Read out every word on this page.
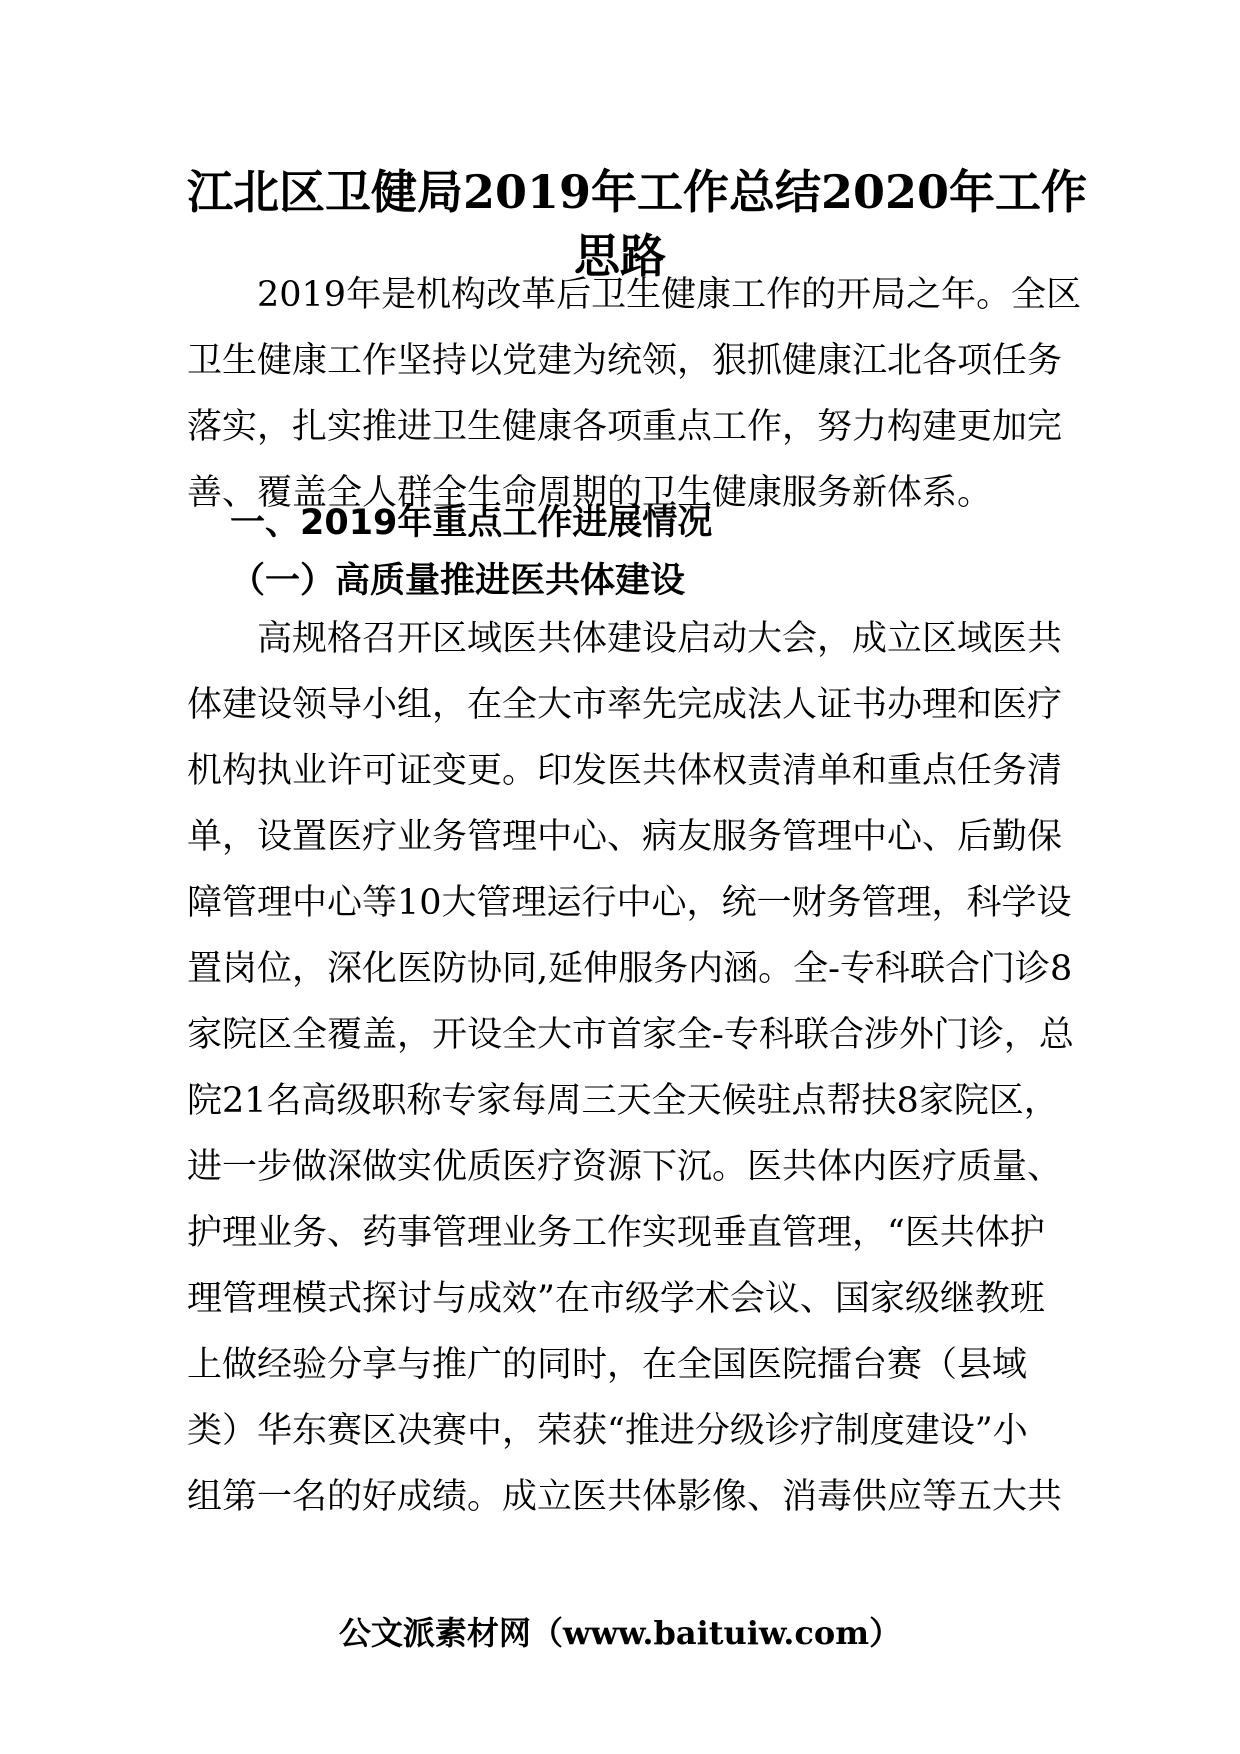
江北区卫健局2019年工作总结2020年工作
思路

　　2019年是机构改革后卫生健康工作的开局之年。全区
卫生健康工作坚持以党建为统领，狠抓健康江北各项任务
落实，扎实推进卫生健康各项重点工作，努力构建更加完
善、覆盖全人群全生命周期的卫生健康服务新体系。

一、2019年重点工作进展情况
（一）高质量推进医共体建设

　　高规格召开区域医共体建设启动大会，成立区域医共
体建设领导小组，在全大市率先完成法人证书办理和医疗
机构执业许可证变更。印发医共体权责清单和重点任务清
单，设置医疗业务管理中心、病友服务管理中心、后勤保
障管理中心等10大管理运行中心，统一财务管理，科学设
置岗位，深化医防协同,延伸服务内涵。全-专科联合门诊8
家院区全覆盖，开设全大市首家全-专科联合涉外门诊，总
院21名高级职称专家每周三天全天候驻点帮扶8家院区，
进一步做深做实优质医疗资源下沉。医共体内医疗质量、
护理业务、药事管理业务工作实现垂直管理，“医共体护
理管理模式探讨与成效”在市级学术会议、国家级继教班
上做经验分享与推广的同时，在全国医院擂台赛（县域
类）华东赛区决赛中，荣获“推进分级诊疗制度建设”小
组第一名的好成绩。成立医共体影像、消毒供应等五大共

公文派素材网（www.baituiw.com）
